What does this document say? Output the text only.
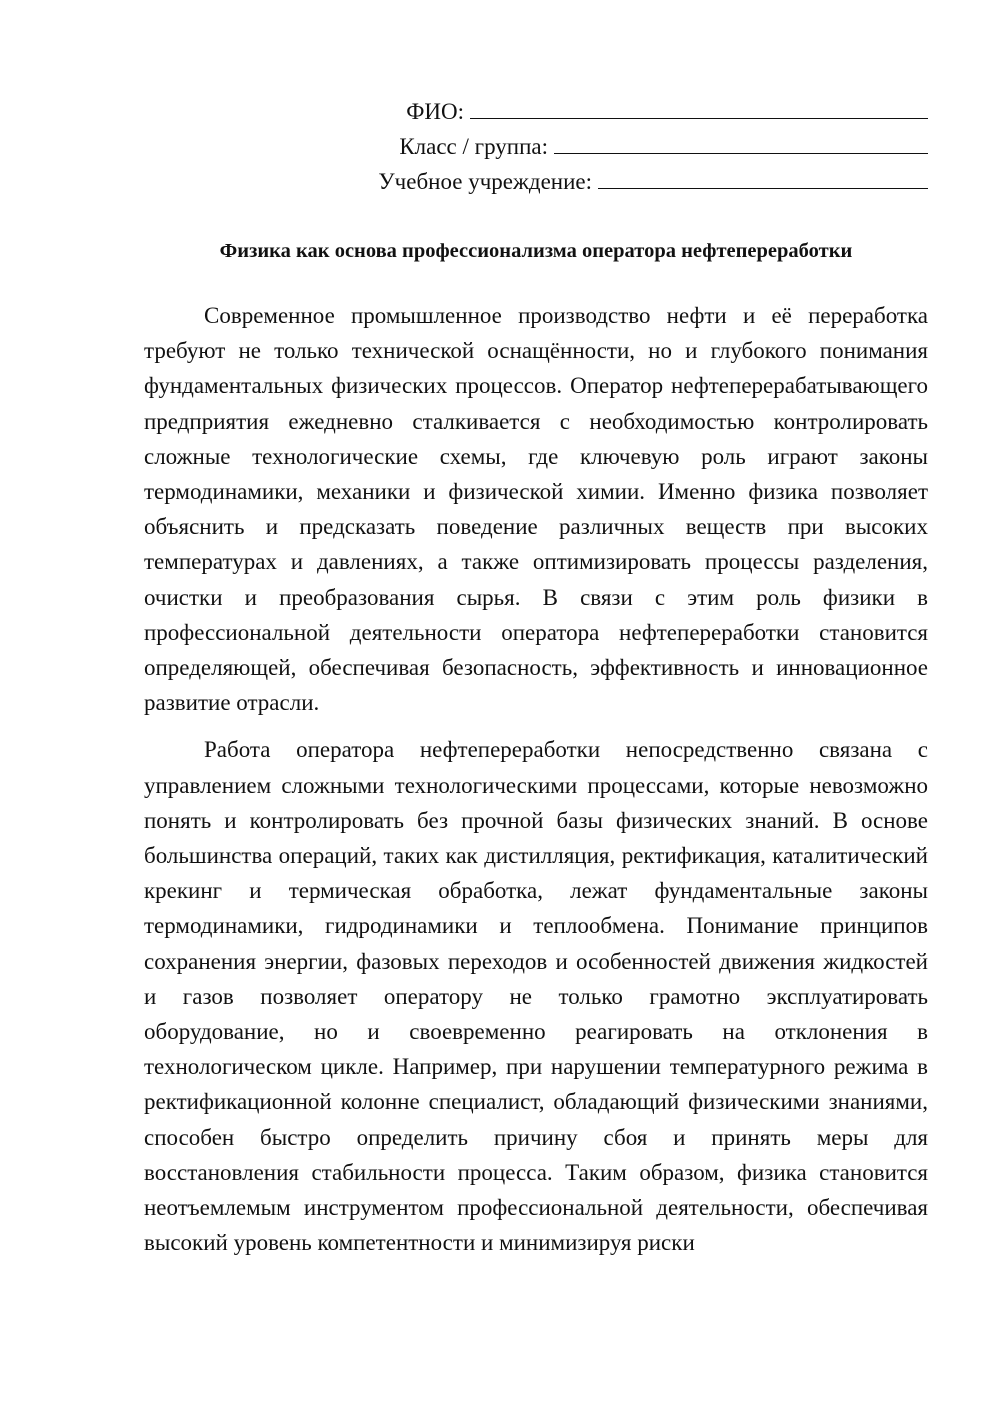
ФИО:
Класс / группа:
Учебное учреждение:
Физика как основа профессионализма оператора нефтепереработки

Современное промышленное производство нефти и её переработка требуют не только технической оснащённости, но и глубокого понимания фундаментальных физических процессов. Оператор нефтеперерабатывающего предприятия ежедневно сталкивается с необходимостью контролировать сложные технологические схемы, где ключевую роль играют законы термодинамики, механики и физической химии. Именно физика позволяет объяснить и предсказать поведение различных веществ при высоких температурах и давлениях, а также оптимизировать процессы разделения, очистки и преобразования сырья. В связи с этим роль физики в профессиональной деятельности оператора нефтепереработки становится определяющей, обеспечивая безопасность, эффективность и инновационное развитие отрасли.

Работа оператора нефтепереработки непосредственно связана с управлением сложными технологическими процессами, которые невозможно понять и контролировать без прочной базы физических знаний. В основе большинства операций, таких как дистилляция, ректификация, каталитический крекинг и термическая обработка, лежат фундаментальные законы термодинамики, гидродинамики и теплообмена. Понимание принципов сохранения энергии, фазовых переходов и особенностей движения жидкостей и газов позволяет оператору не только грамотно эксплуатировать оборудование, но и своевременно реагировать на отклонения в технологическом цикле. Например, при нарушении температурного режима в ректификационной колонне специалист, обладающий физическими знаниями, способен быстро определить причину сбоя и принять меры для восстановления стабильности процесса. Таким образом, физика становится неотъемлемым инструментом профессиональной деятельности, обеспечивая высокий уровень компетентности и минимизируя риски
